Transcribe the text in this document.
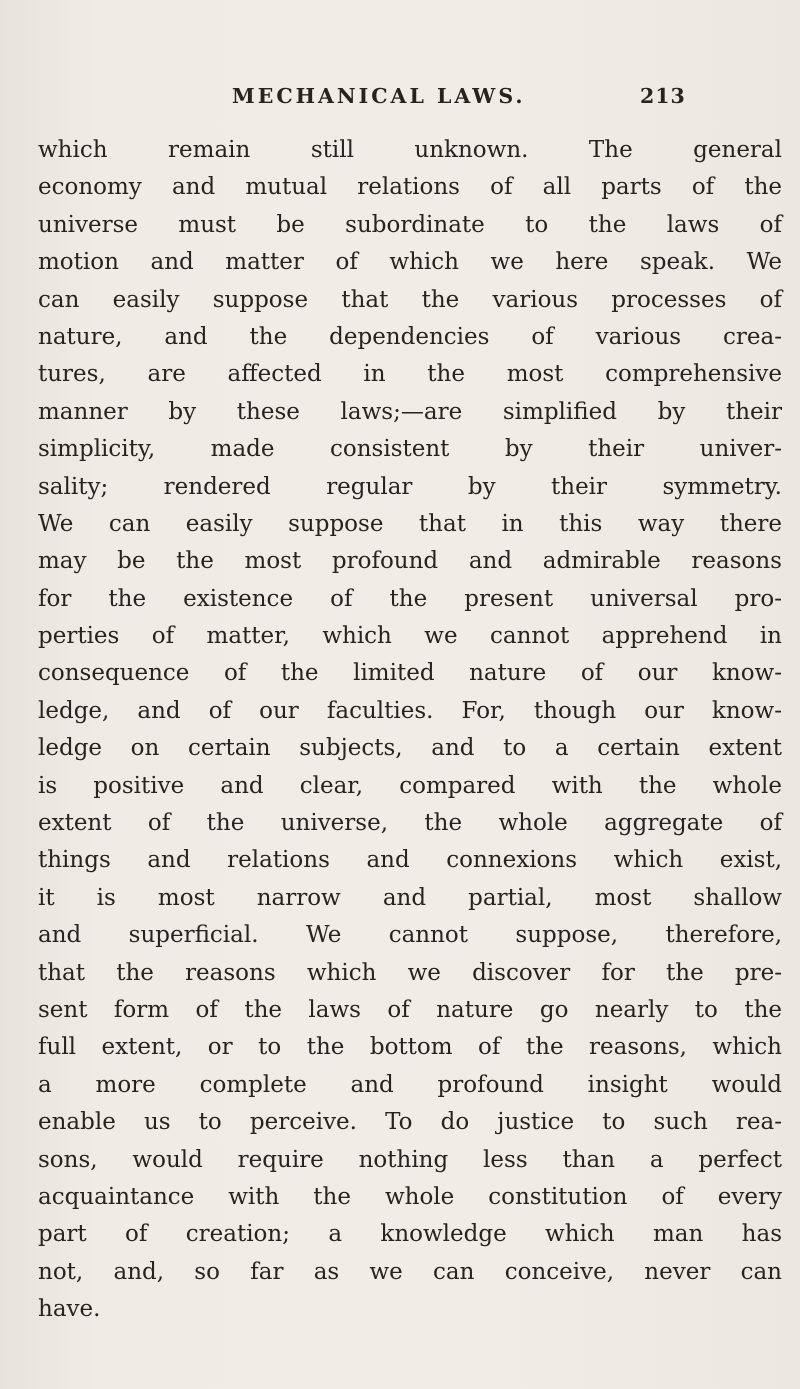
MECHANICAL LAWS.	213
which remain still unknown. The general
economy and mutual relations of all parts of the
universe must be subordinate to the laws of
motion and matter of which we here speak. We
can easily suppose that the various processes of
nature, and the dependencies of various crea-
tures, are affected in the most comprehensive
manner by these laws;—are simplified by their
simplicity, made consistent by their univer-
sality; rendered regular by their symmetry.
We can easily suppose that in this way there
may be the most profound and admirable reasons
for the existence of the present universal pro-
perties of matter, which we cannot apprehend in
consequence of the limited nature of our know-
ledge, and of our faculties. For, though our know-
ledge on certain subjects, and to a certain extent
is positive and clear, compared with the whole
extent of the universe, the whole aggregate of
things and relations and connexions which exist,
it is most narrow and partial, most shallow
and superficial. We cannot suppose, therefore,
that the reasons which we discover for the pre-
sent form of the laws of nature go nearly to the
full extent, or to the bottom of the reasons, which
a more complete and profound insight would
enable us to perceive. To do justice to such rea-
sons, would require nothing less than a perfect
acquaintance with the whole constitution of every
part of creation; a knowledge which man has
not, and, so far as we can conceive, never can
have.
